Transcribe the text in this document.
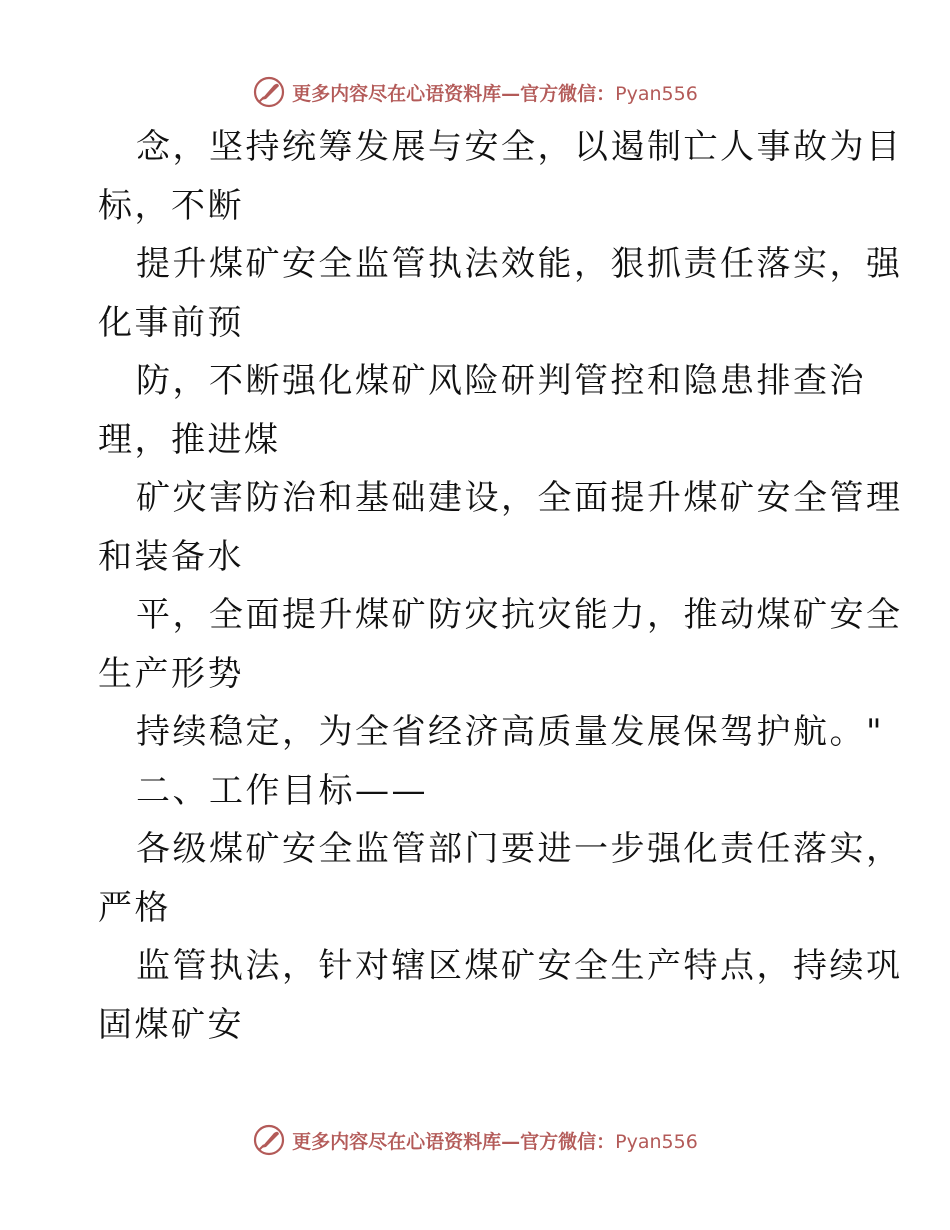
更多内容尽在心语资料库—官方微信：Pyan556
念，坚持统筹发展与安全，以遏制亡人事故为目
标，不断
提升煤矿安全监管执法效能，狠抓责任落实，强
化事前预
防，不断强化煤矿风险研判管控和隐患排查治
理，推进煤
矿灾害防治和基础建设，全面提升煤矿安全管理
和装备水
平，全面提升煤矿防灾抗灾能力，推动煤矿安全
生产形势
持续稳定，为全省经济高质量发展保驾护航。"
二、工作目标——
各级煤矿安全监管部门要进一步强化责任落实，
严格
监管执法，针对辖区煤矿安全生产特点，持续巩
固煤矿安
更多内容尽在心语资料库—官方微信：Pyan556
